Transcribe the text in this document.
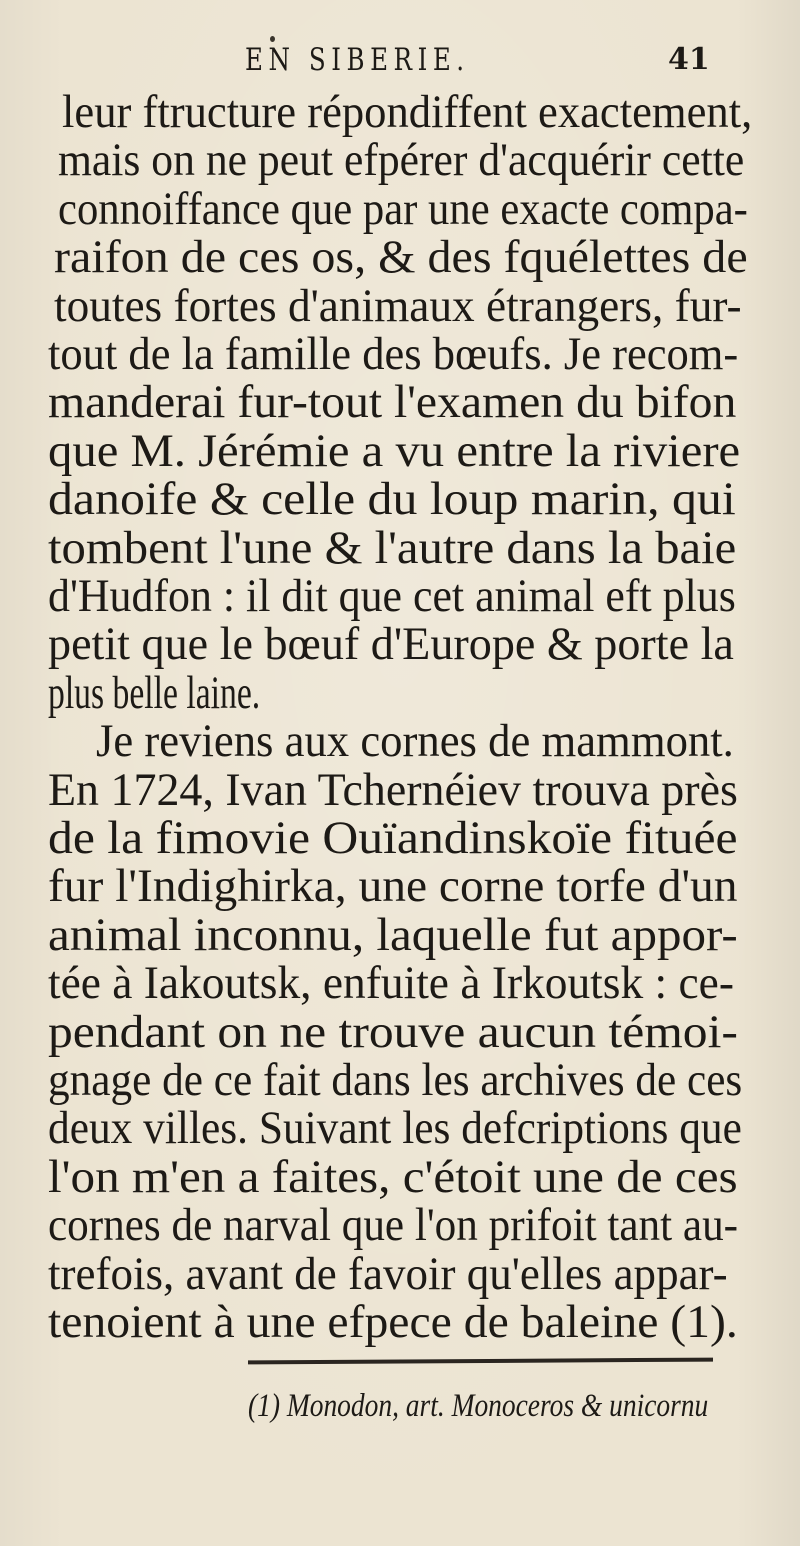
EN SIBERIE.	41
leur ftructure répondiffent exactement,
mais on ne peut efpérer d'acquérir cette
connoiffance que par une exacte compa-
raifon de ces os, & des fquélettes de
toutes fortes d'animaux étrangers, fur-
tout de la famille des bœufs. Je recom-
manderai fur-tout l'examen du bifon
que M. Jérémie a vu entre la riviere
danoife & celle du loup marin, qui
tombent l'une & l'autre dans la baie
d'Hudfon : il dit que cet animal eft plus
petit que le bœuf d'Europe & porte la
plus belle laine.
Je reviens aux cornes de mammont.
En 1724, Ivan Tchernéiev trouva près
de la fimovie Ouïandinskoïe fituée
fur l'Indighirka, une corne torfe d'un
animal inconnu, laquelle fut appor-
tée à Iakoutsk, enfuite à Irkoutsk : ce-
pendant on ne trouve aucun témoi-
gnage de ce fait dans les archives de ces
deux villes. Suivant les defcriptions que
l'on m'en a faites, c'étoit une de ces
cornes de narval que l'on prifoit tant au-
trefois, avant de favoir qu'elles appar-
tenoient à une efpece de baleine (1).
(1) Monodon, art. Monoceros & unicornu
